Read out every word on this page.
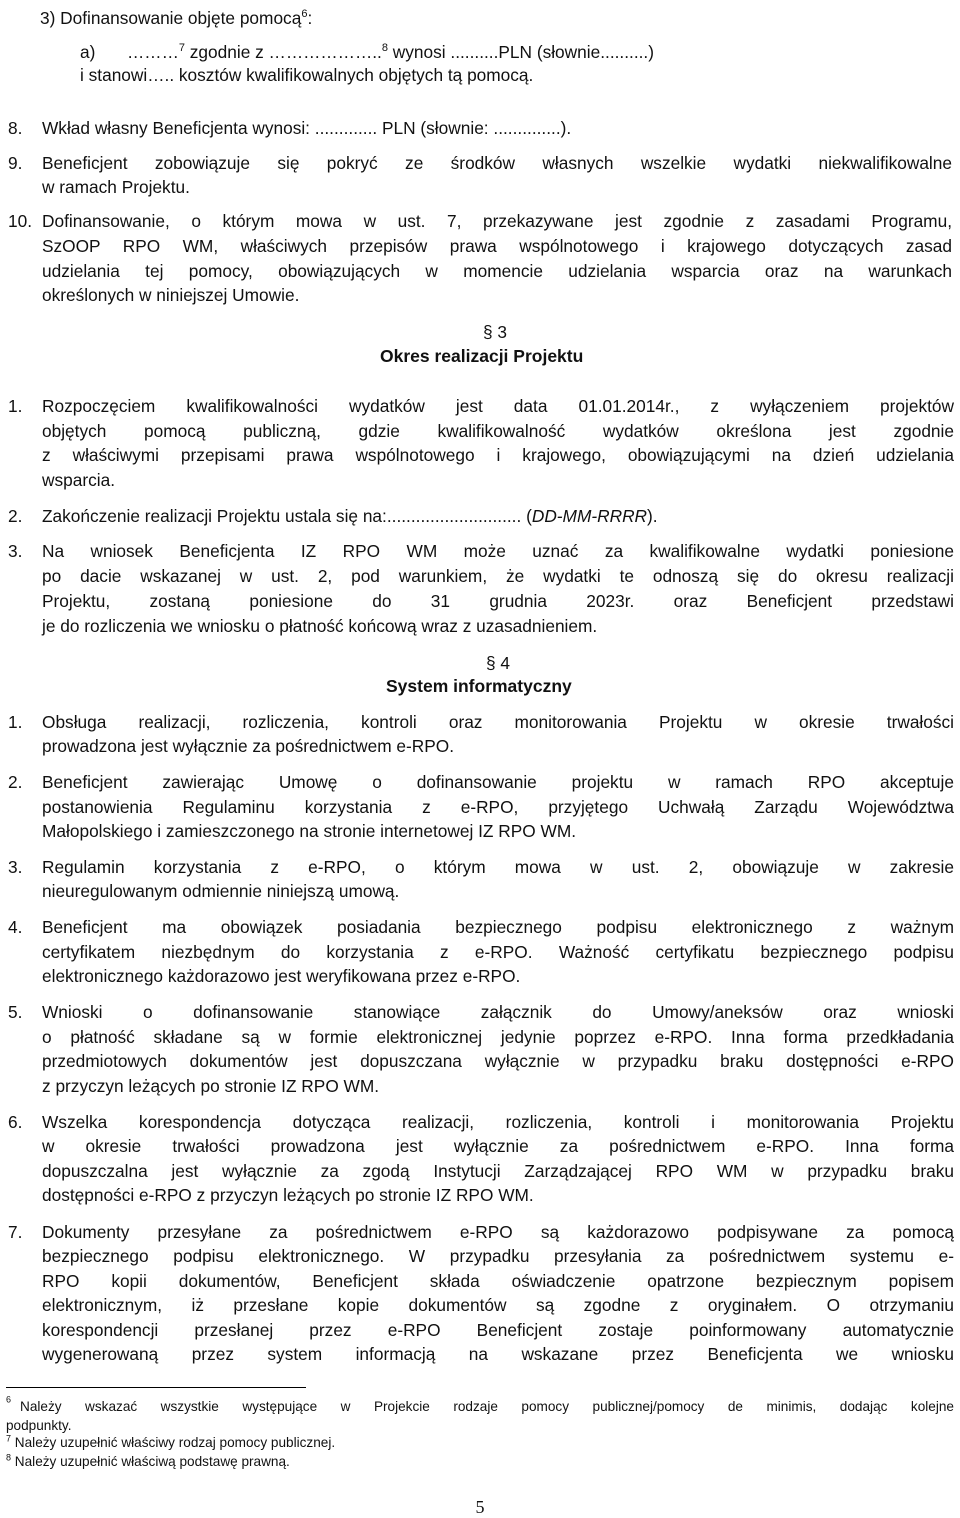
3) Dofinansowanie objęte pomocą$^6$:
a) ………$^7$ zgodnie z ………………..$^8$ wynosi ..........PLN (słownie..........)
i stanowi….. kosztów kwalifikowalnych objętych tą pomocą.
8. Wkład własny Beneficjenta wynosi: ............. PLN (słownie: ..............).
9. Beneficjent zobowiązuje się pokryć ze środków własnych wszelkie wydatki niekwalifikowalne
w ramach Projektu.
10. Dofinansowanie, o którym mowa w ust. 7, przekazywane jest zgodnie z zasadami Programu,
SzOOP RPO WM, właściwych przepisów prawa wspólnotowego i krajowego dotyczących zasad
udzielania tej pomocy, obowiązujących w momencie udzielania wsparcia oraz na warunkach
określonych w niniejszej Umowie.
§ 3
Okres realizacji Projektu
1. Rozpoczęciem kwalifikowalności wydatków jest data 01.01.2014r., z wyłączeniem projektów
objętych pomocą publiczną, gdzie kwalifikowalność wydatków określona jest zgodnie
z właściwymi przepisami prawa wspólnotowego i krajowego, obowiązującymi na dzień udzielania
wsparcia.
2. Zakończenie realizacji Projektu ustala się na:............................ (DD-MM-RRRR).
3. Na wniosek Beneficjenta IZ RPO WM może uznać za kwalifikowalne wydatki poniesione
po dacie wskazanej w ust. 2, pod warunkiem, że wydatki te odnoszą się do okresu realizacji
Projektu, zostaną poniesione do 31 grudnia 2023r. oraz Beneficjent przedstawi
je do rozliczenia we wniosku o płatność końcową wraz z uzasadnieniem.
§ 4
System informatyczny
1. Obsługa realizacji, rozliczenia, kontroli oraz monitorowania Projektu w okresie trwałości
prowadzona jest wyłącznie za pośrednictwem e-RPO.
2. Beneficjent zawierając Umowę o dofinansowanie projektu w ramach RPO akceptuje
postanowienia Regulaminu korzystania z e-RPO, przyjętego Uchwałą Zarządu Województwa
Małopolskiego i zamieszczonego na stronie internetowej IZ RPO WM.
3. Regulamin korzystania z e-RPO, o którym mowa w ust. 2, obowiązuje w zakresie
nieuregulowanym odmiennie niniejszą umową.
4. Beneficjent ma obowiązek posiadania bezpiecznego podpisu elektronicznego z ważnym
certyfikatem niezbędnym do korzystania z e-RPO. Ważność certyfikatu bezpiecznego podpisu
elektronicznego każdorazowo jest weryfikowana przez e-RPO.
5. Wnioski o dofinansowanie stanowiące załącznik do Umowy/aneksów oraz wnioski
o płatność składane są w formie elektronicznej jedynie poprzez e-RPO. Inna forma przedkładania
przedmiotowych dokumentów jest dopuszczana wyłącznie w przypadku braku dostępności e-RPO
z przyczyn leżących po stronie IZ RPO WM.
6. Wszelka korespondencja dotycząca realizacji, rozliczenia, kontroli i monitorowania Projektu
w okresie trwałości prowadzona jest wyłącznie za pośrednictwem e-RPO. Inna forma
dopuszczalna jest wyłącznie za zgodą Instytucji Zarządzającej RPO WM w przypadku braku
dostępności e-RPO z przyczyn leżących po stronie IZ RPO WM.
7. Dokumenty przesyłane za pośrednictwem e-RPO są każdorazowo podpisywane za pomocą
bezpiecznego podpisu elektronicznego. W przypadku przesyłania za pośrednictwem systemu e-
RPO kopii dokumentów, Beneficjent składa oświadczenie opatrzone bezpiecznym popisem
elektronicznym, iż przesłane kopie dokumentów są zgodne z oryginałem. O otrzymaniu
korespondencji przesłanej przez e-RPO Beneficjent zostaje poinformowany automatycznie
wygenerowaną przez system informacją na wskazane przez Beneficjenta we wniosku
$^6$ Należy wskazać wszystkie występujące w Projekcie rodzaje pomocy publicznej/pomocy de minimis, dodając kolejne
podpunkty.
$^7$ Należy uzupełnić właściwy rodzaj pomocy publicznej.
$^8$ Należy uzupełnić właściwą podstawę prawną.
5
